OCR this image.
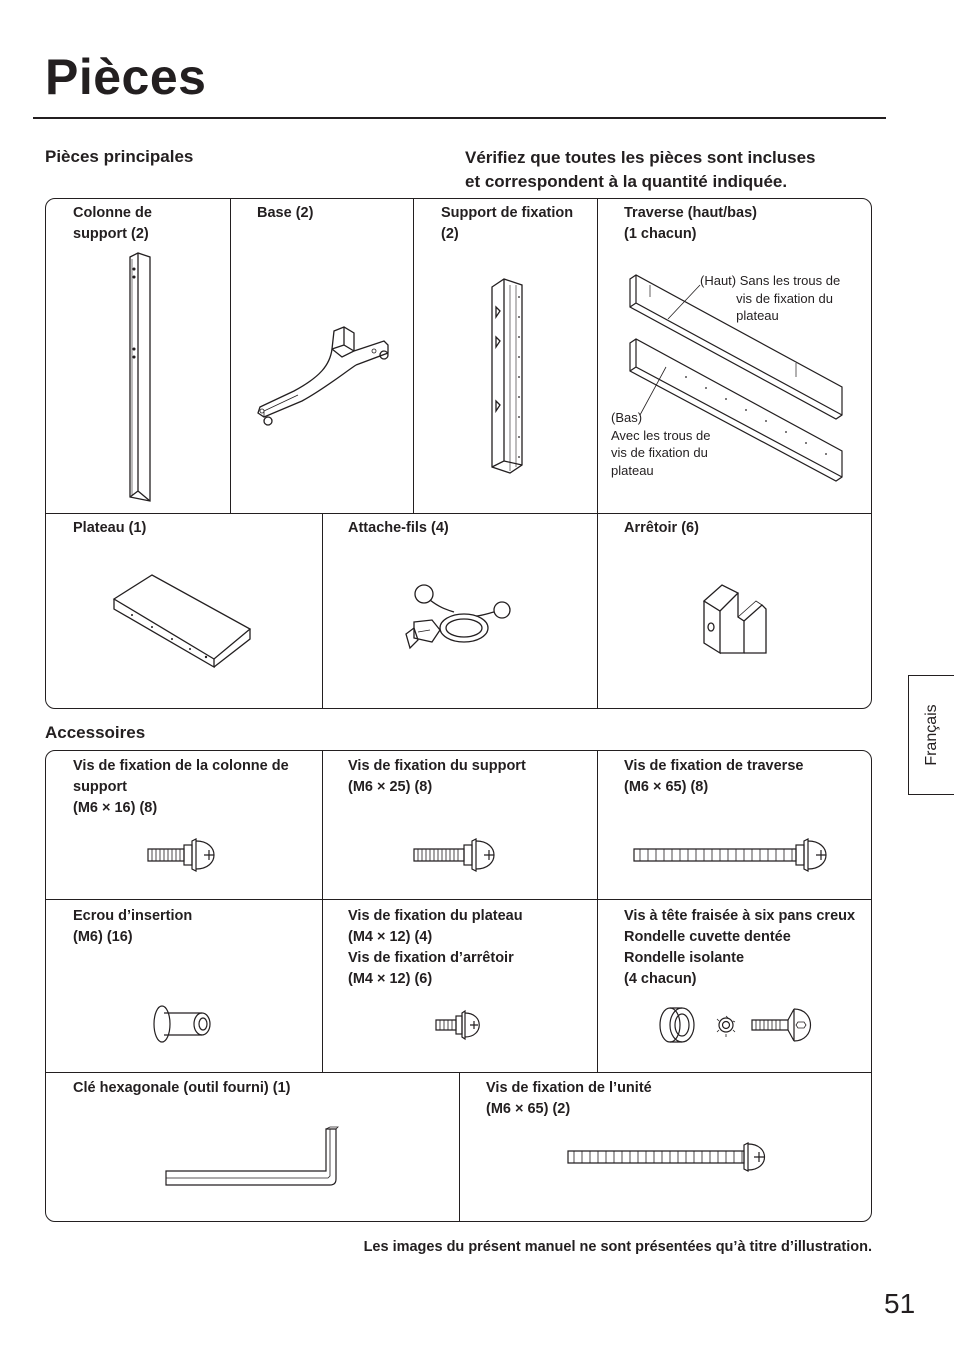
Pièces
Pièces principales	Vérifiez que toutes les pièces sont incluses
et correspondent à la quantité indiquée.
Colonne de
support (2)
Base (2)	Support de fixation
(2)
Traverse (haut/bas)
(1 chacun)
(Haut) Sans les trous de
vis de fixation du
plateau
(Bas)
Avec les trous de
vis de fixation du
plateau
Plateau (1)	Attache-fils (4)	Arrêtoir (6)
Accessoires
Vis de fixation de la colonne de
support
(M6 × 16) (8)
Vis de fixation du support
(M6 × 25) (8)
Vis de fixation de traverse
(M6 × 65) (8)
Ecrou d’insertion
(M6) (16)
Vis de fixation du plateau
(M4 × 12) (4)
Vis de fixation d’arrêtoir
(M4 × 12) (6)
Vis à tête fraisée à six pans creux
Rondelle cuvette dentée
Rondelle isolante
(4 chacun)
Clé hexagonale (outil fourni) (1)	Vis de fixation de l’unité
(M6 × 65) (2)
Les images du présent manuel ne sont présentées qu’à titre d’illustration.
Français
51
